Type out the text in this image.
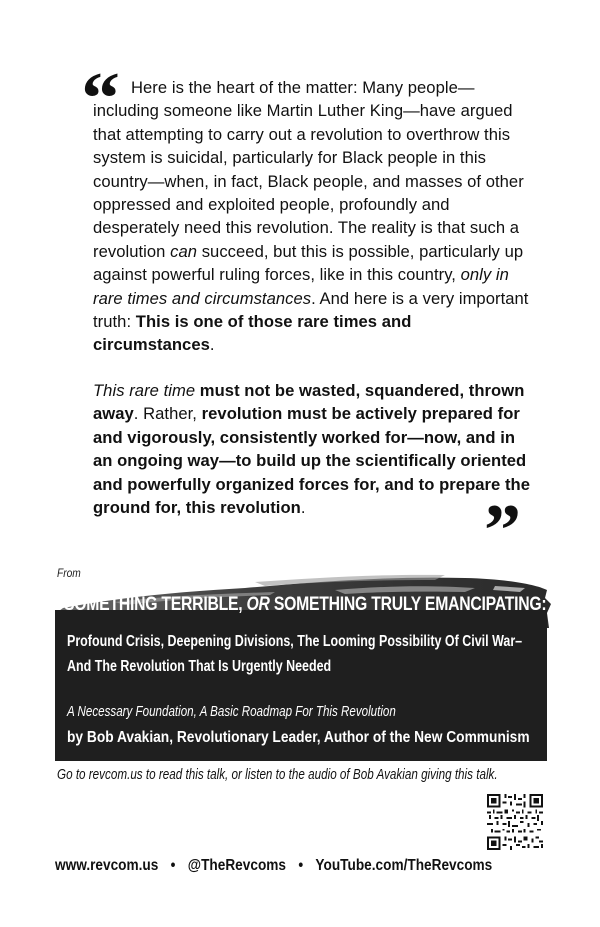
“ Here is the heart of the matter: Many people—including someone like Martin Luther King—have argued that attempting to carry out a revolution to overthrow this system is suicidal, particularly for Black people in this country—when, in fact, Black people, and masses of other oppressed and exploited people, profoundly and desperately need this revolution. The reality is that such a revolution can succeed, but this is possible, particularly up against powerful ruling forces, like in this country, only in rare times and circumstances. And here is a very important truth: This is one of those rare times and circumstances.

This rare time must not be wasted, squandered, thrown away. Rather, revolution must be actively prepared for and vigorously, consistently worked for—now, and in an ongoing way—to build up the scientifically oriented and powerfully organized forces for, and to prepare the ground for, this revolution.	”
From
SOMETHING TERRIBLE, OR SOMETHING TRULY EMANCIPATING:
Profound Crisis, Deepening Divisions, The Looming Possibility Of Civil War–
And The Revolution That Is Urgently Needed
A Necessary Foundation, A Basic Roadmap For This Revolution
by Bob Avakian, Revolutionary Leader, Author of the New Communism
Go to revcom.us to read this talk, or listen to the audio of Bob Avakian giving this talk.
www.revcom.us • @TheRevcoms • YouTube.com/TheRevcoms
